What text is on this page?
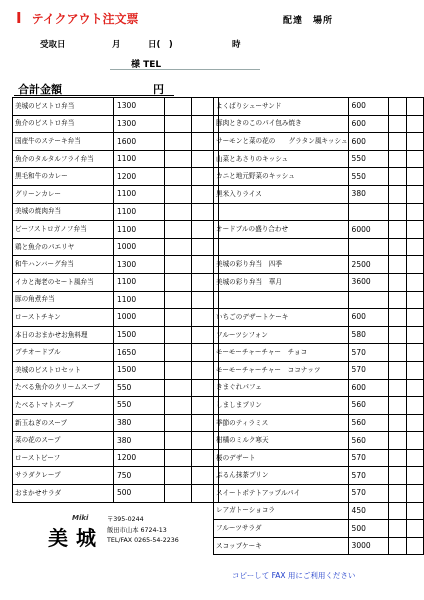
Ⅰ テイクアウト注文票	配達　場所
受取日	月	日(　)	時
様 TEL
合計金額	円
美城のビストロ弁当	1300		
魚介のビストロ弁当	1300		
国産牛のステーキ弁当	1600		
魚介のタルタルフライ弁当	1100		
黒毛和牛のカレー	1200		
グリーンカレー	1100		
美城の焼肉弁当	1100		
ビーフストロガノフ弁当	1100		
鶏と魚介のパエリヤ	1000		
和牛ハンバーグ弁当	1300		
イカと海老のセート風弁当	1100		
豚の角煮弁当	1100		
ローストチキン	1000		
本日のおまかせお魚料理	1500		
プチオードブル	1650		
美城のビストロセット	1500		
たべる魚介のクリームスープ	550		
たべるトマトスープ	550		
新玉ねぎのスープ	380		
菜の花のスープ	380		
ローストビーフ	1200		
サラダクレープ	750		
おまかせサラダ	500		
よくばりシューサンド	600		
豚肉ときのこのパイ包み焼き	600		
サーモンと菜の花の　　グラタン風キッシュ	600		
山菜とあさりのキッシュ	550		
カニと地元野菜のキッシュ	550		
黒米入りライス	380		

オードブルの盛り合わせ	6000		

美城の彩り弁当　四季	2500		
美城の彩り弁当　華月	3600		

いちごのデザートケーキ	600		
フルーツシフォン	580		
モーモーチャーチャー　チョコ	570		
モーモーチャーチャー　ココナッツ	570		
きまぐれパフェ	600		
しましまプリン	560		
季節のティラミス	560		
柑橘のミルク寒天	560		
桜のデザート	570		
ぷるん抹茶プリン	570		
スイートポテトアップルパイ	570		
レアガトーショコラ	450		
フルーツサラダ	500		
スコップケーキ	3000		
Miki
美城
〒395-0244
飯田市山本 6724-13
TEL/FAX 0265-54-2236
コピーして FAX 用にご利用ください
